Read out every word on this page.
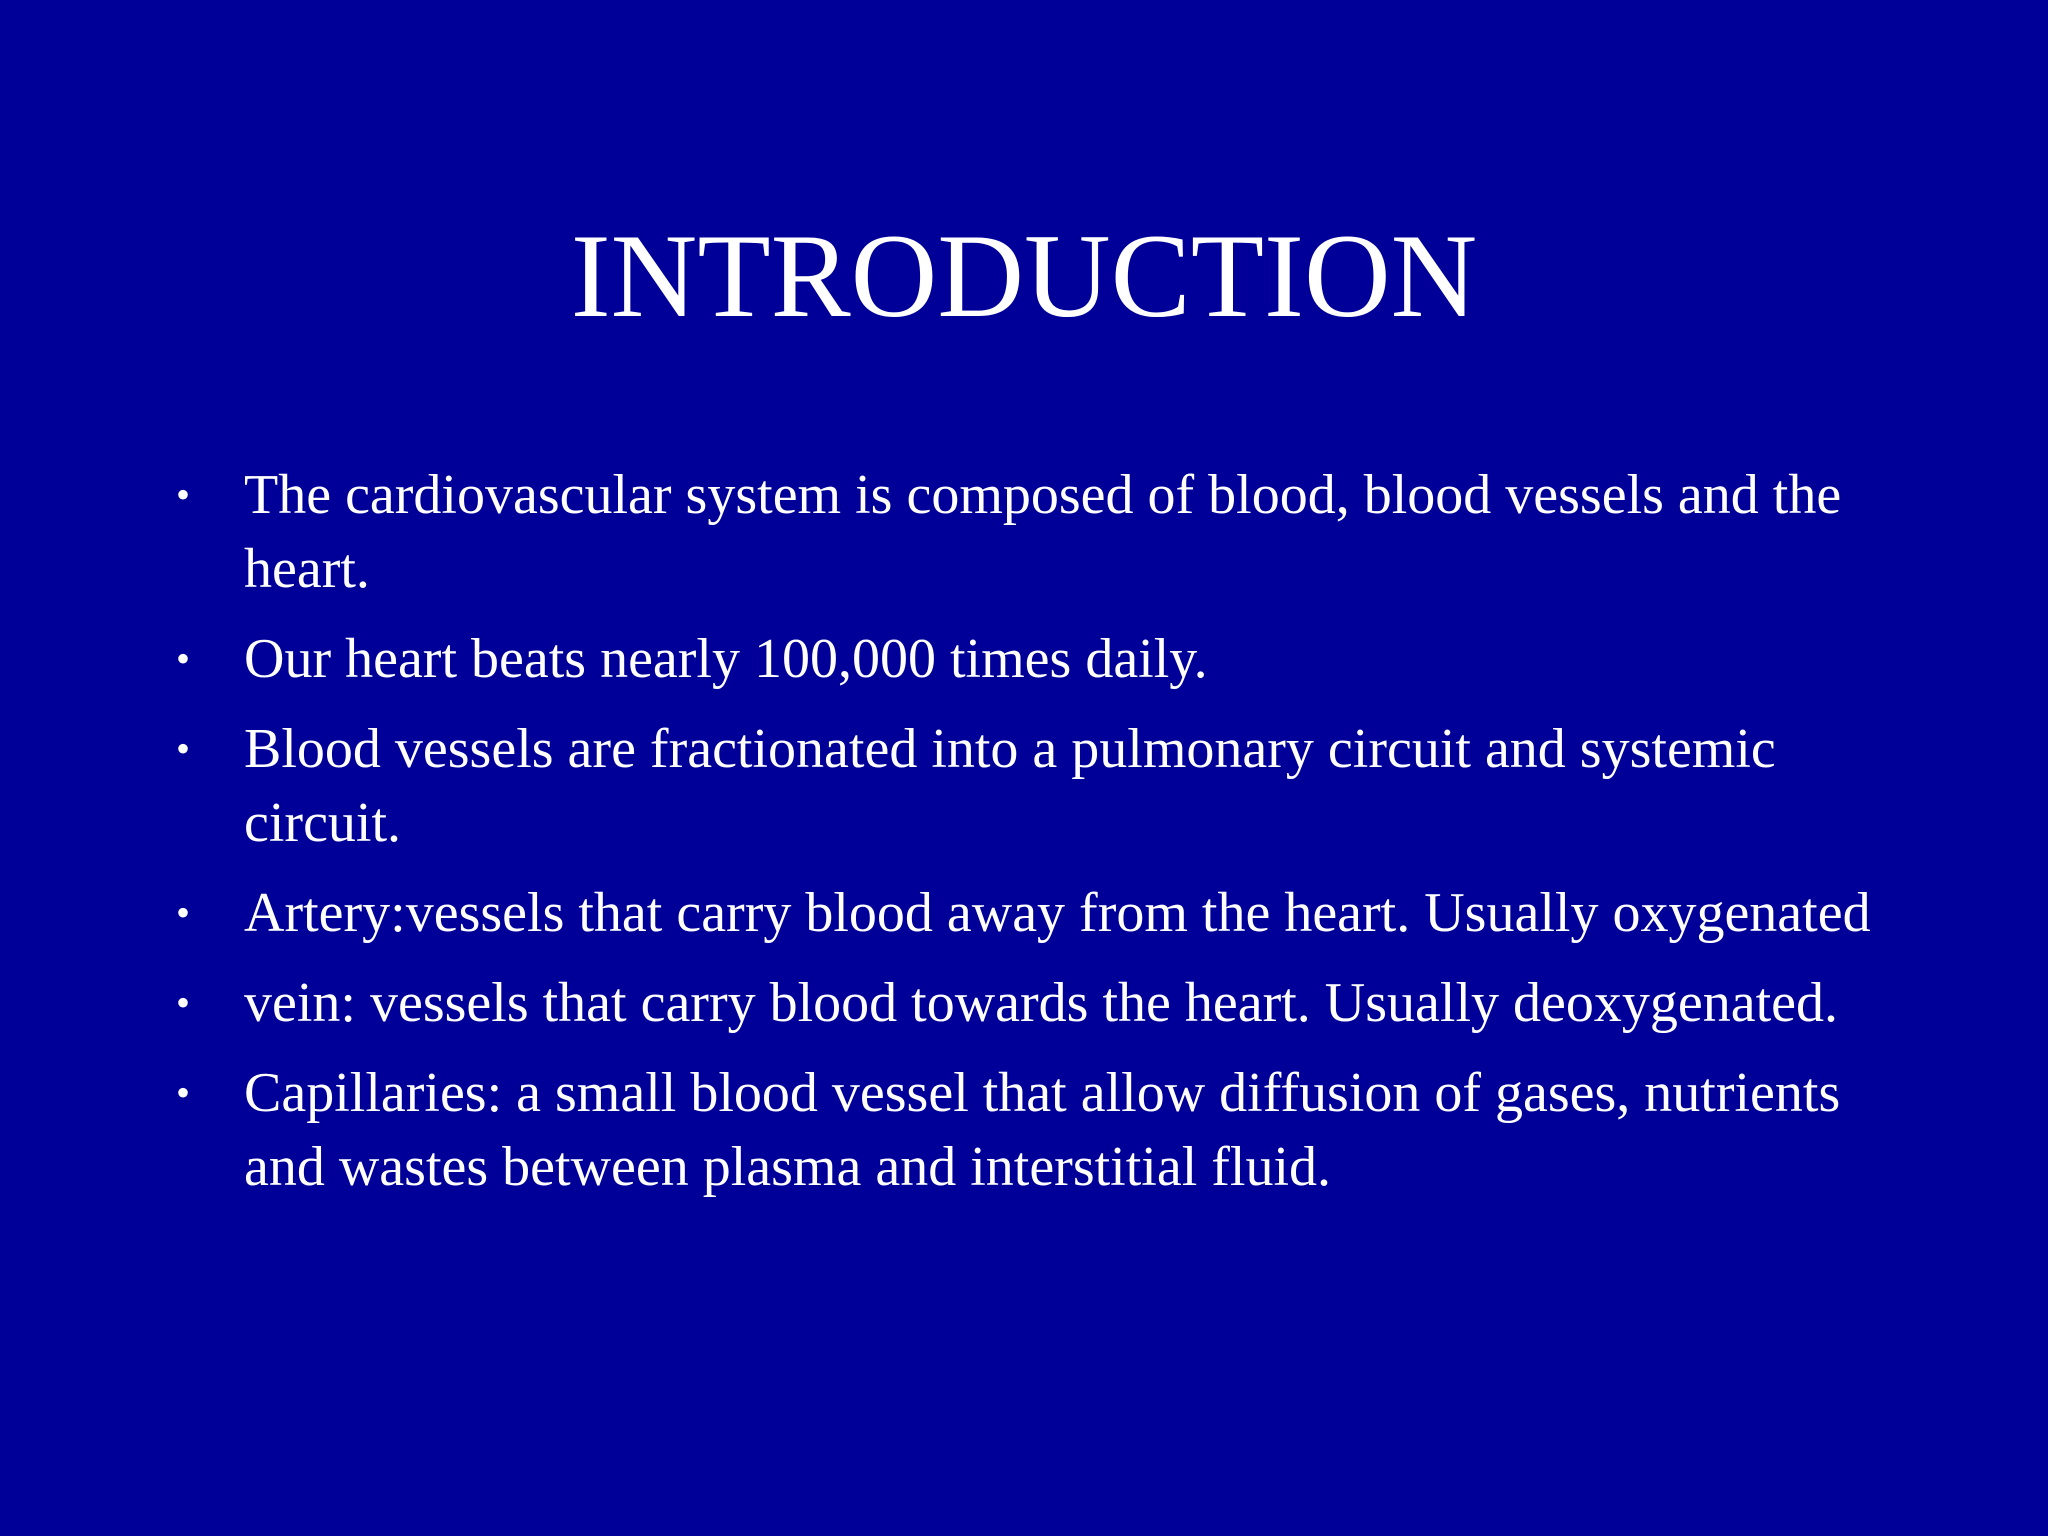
INTRODUCTION
• The cardiovascular system is composed of blood, blood vessels and the heart.
• Our heart beats nearly 100,000 times daily.
• Blood vessels are fractionated into a pulmonary circuit and systemic circuit.
• Artery:vessels that carry blood away from the heart. Usually oxygenated
• vein: vessels that carry blood towards the heart. Usually deoxygenated.
• Capillaries: a small blood vessel that allow diffusion of gases, nutrients and wastes between plasma and interstitial fluid.
